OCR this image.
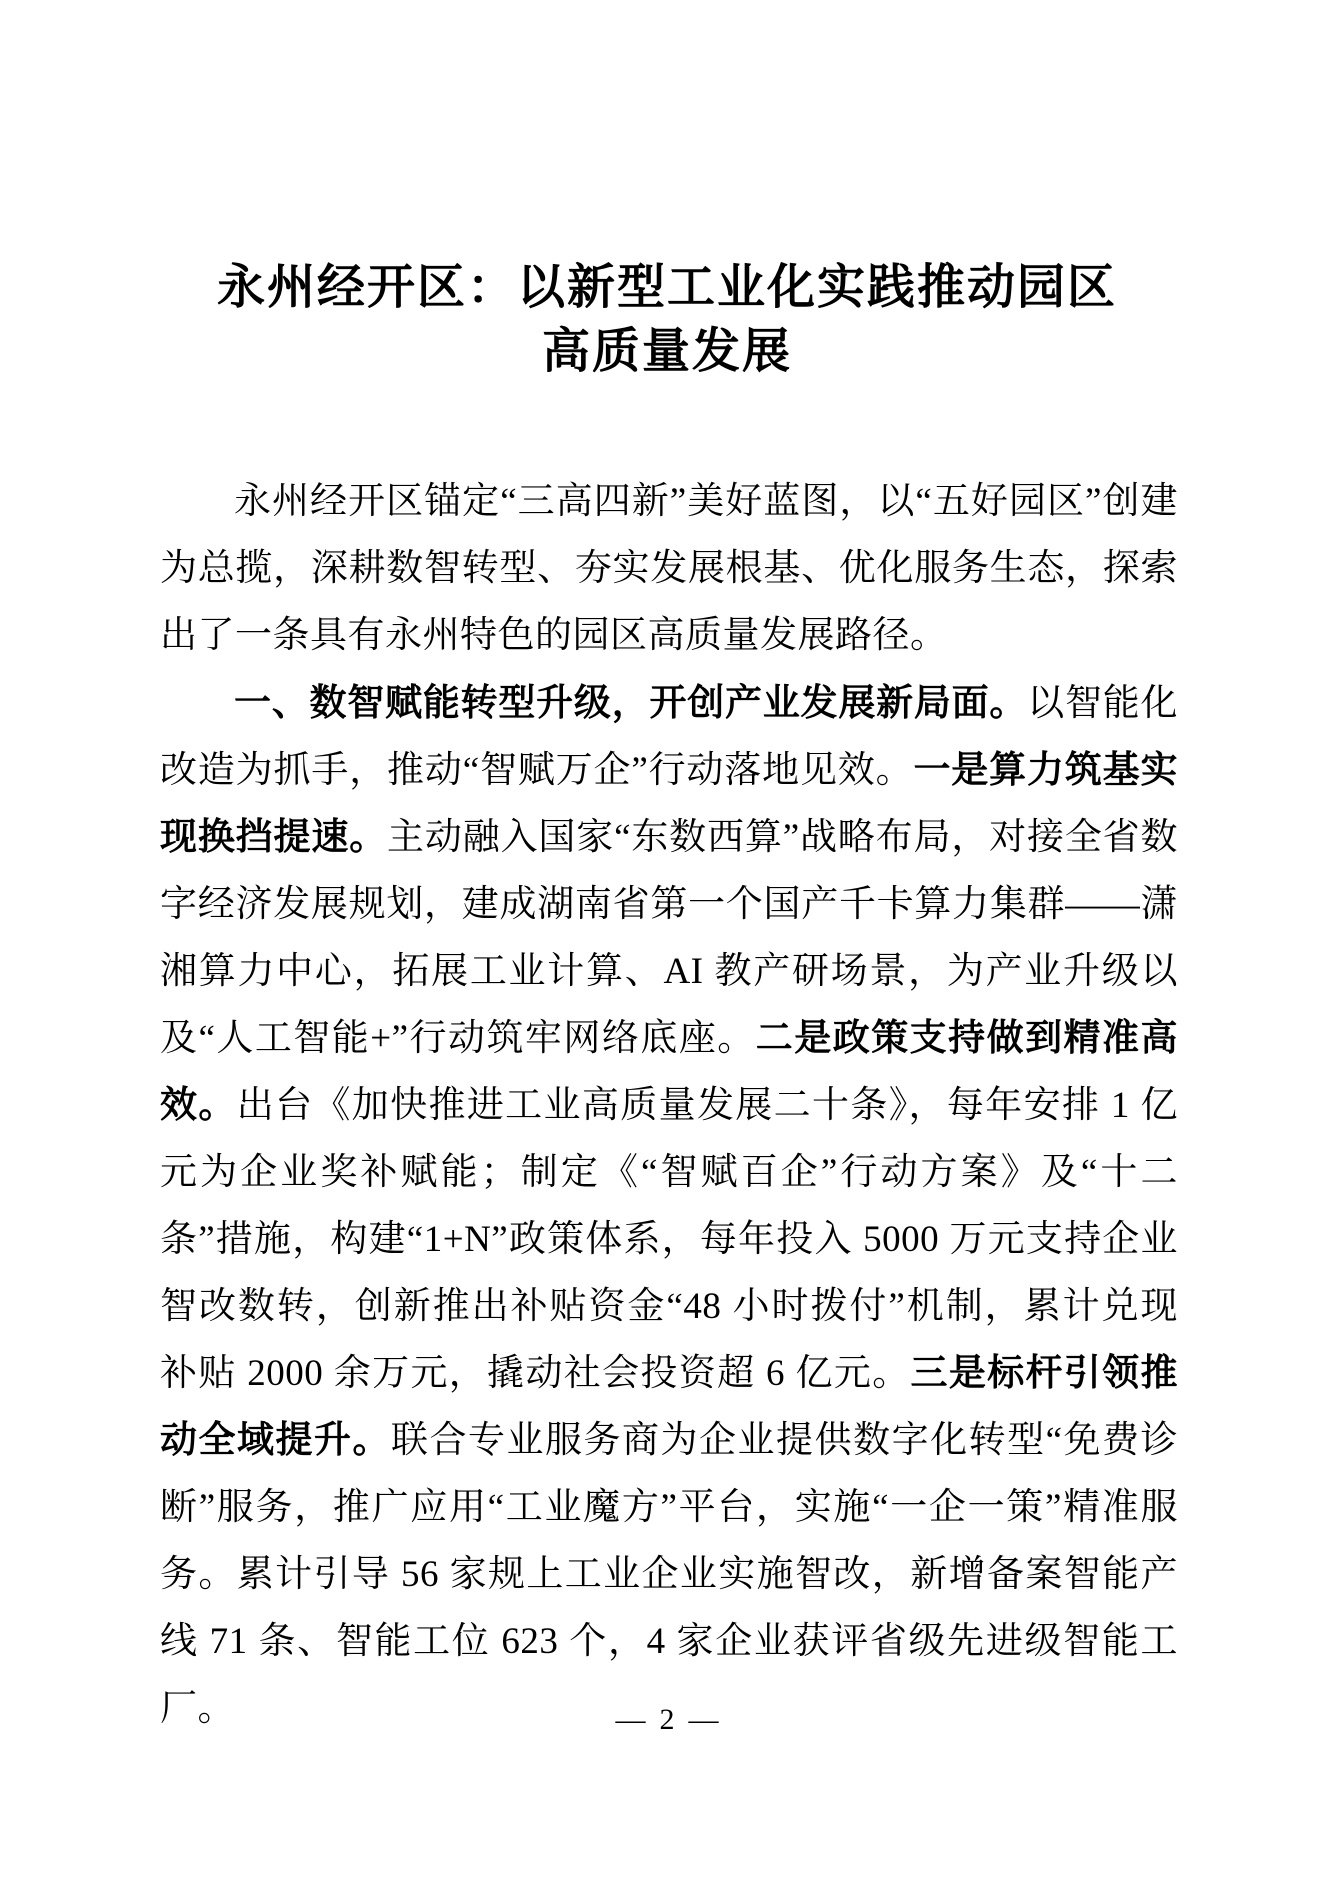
永州经开区：以新型工业化实践推动园区
高质量发展

永州经开区锚定“三高四新”美好蓝图，以“五好园区”创建为总揽，深耕数智转型、夯实发展根基、优化服务生态，探索出了一条具有永州特色的园区高质量发展路径。

一、数智赋能转型升级，开创产业发展新局面。以智能化改造为抓手，推动“智赋万企”行动落地见效。一是算力筑基实现换挡提速。主动融入国家“东数西算”战略布局，对接全省数字经济发展规划，建成湖南省第一个国产千卡算力集群——潇湘算力中心，拓展工业计算、AI 教产研场景，为产业升级以及“人工智能+”行动筑牢网络底座。二是政策支持做到精准高效。出台《加快推进工业高质量发展二十条》，每年安排 1 亿元为企业奖补赋能；制定《“智赋百企”行动方案》及“十二条”措施，构建“1+N”政策体系，每年投入 5000 万元支持企业智改数转，创新推出补贴资金“48 小时拨付”机制，累计兑现补贴 2000 余万元，撬动社会投资超 6 亿元。三是标杆引领推动全域提升。联合专业服务商为企业提供数字化转型“免费诊断”服务，推广应用“工业魔方”平台，实施“一企一策”精准服务。累计引导 56 家规上工业企业实施智改，新增备案智能产线 71 条、智能工位 623 个，4 家企业获评省级先进级智能工厂。	— 2 —
